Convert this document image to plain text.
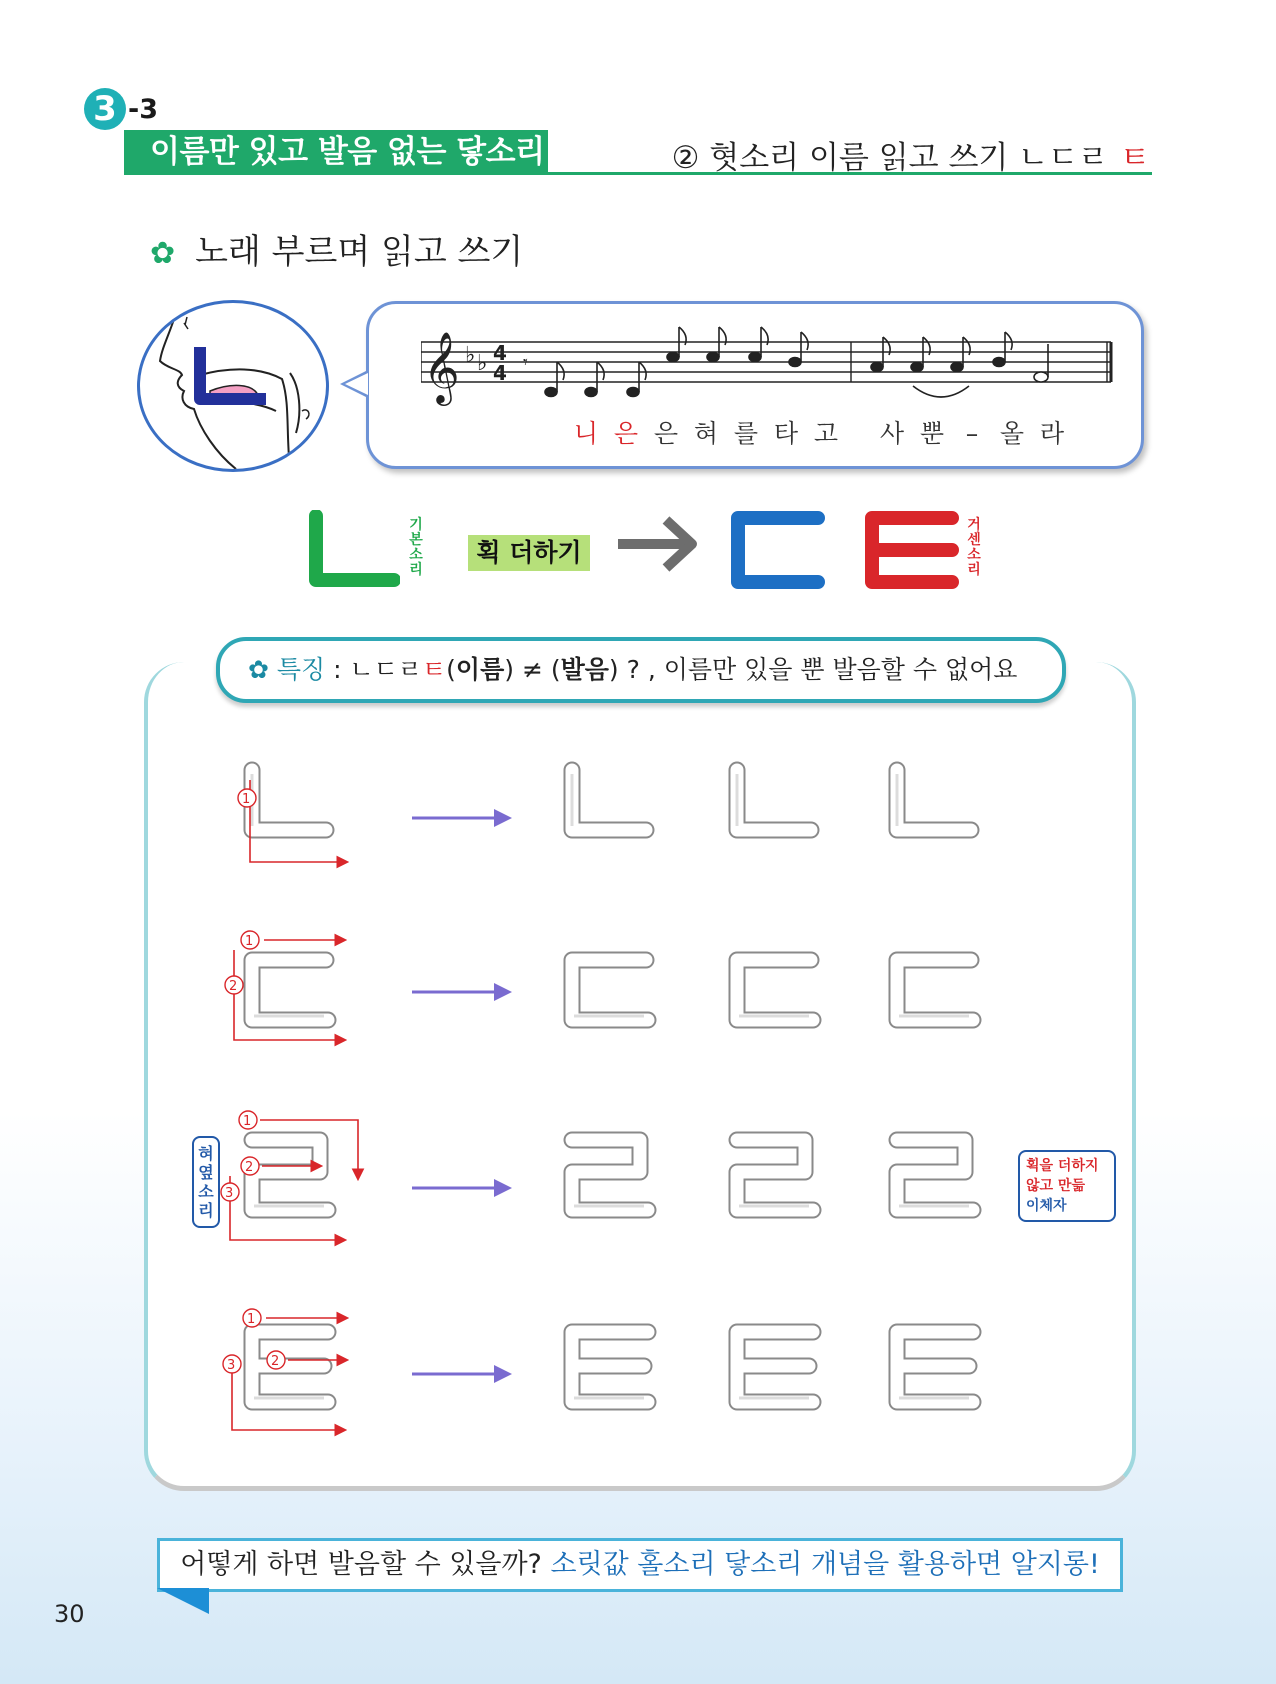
3 -3
이름만 있고 발음 없는 닿소리	② 혓소리 이름 읽고 쓰기 ㄴㄷㄹ ㅌ
✿ 노래 부르며 읽고 쓰기
𝄞 ♭ ♭ 4
4 𝄾
니 은 은 혀 를 타 고 사 뿐 – 올 라
기본소리
획 더하기
거센소리
✿ 특징 : ㄴㄷㄹㅌ(이름) ≠ (발음) ? , 이름만 있을 뿐 발음할 수 없어요
1
1
2
1
2
3
1
2
3
혀옆소리
획을 더하지
않고 만듦
이체자
어떻게 하면 발음할 수 있을까? 소릿값 홀소리 닿소리 개념을 활용하면 알지롱!
30
